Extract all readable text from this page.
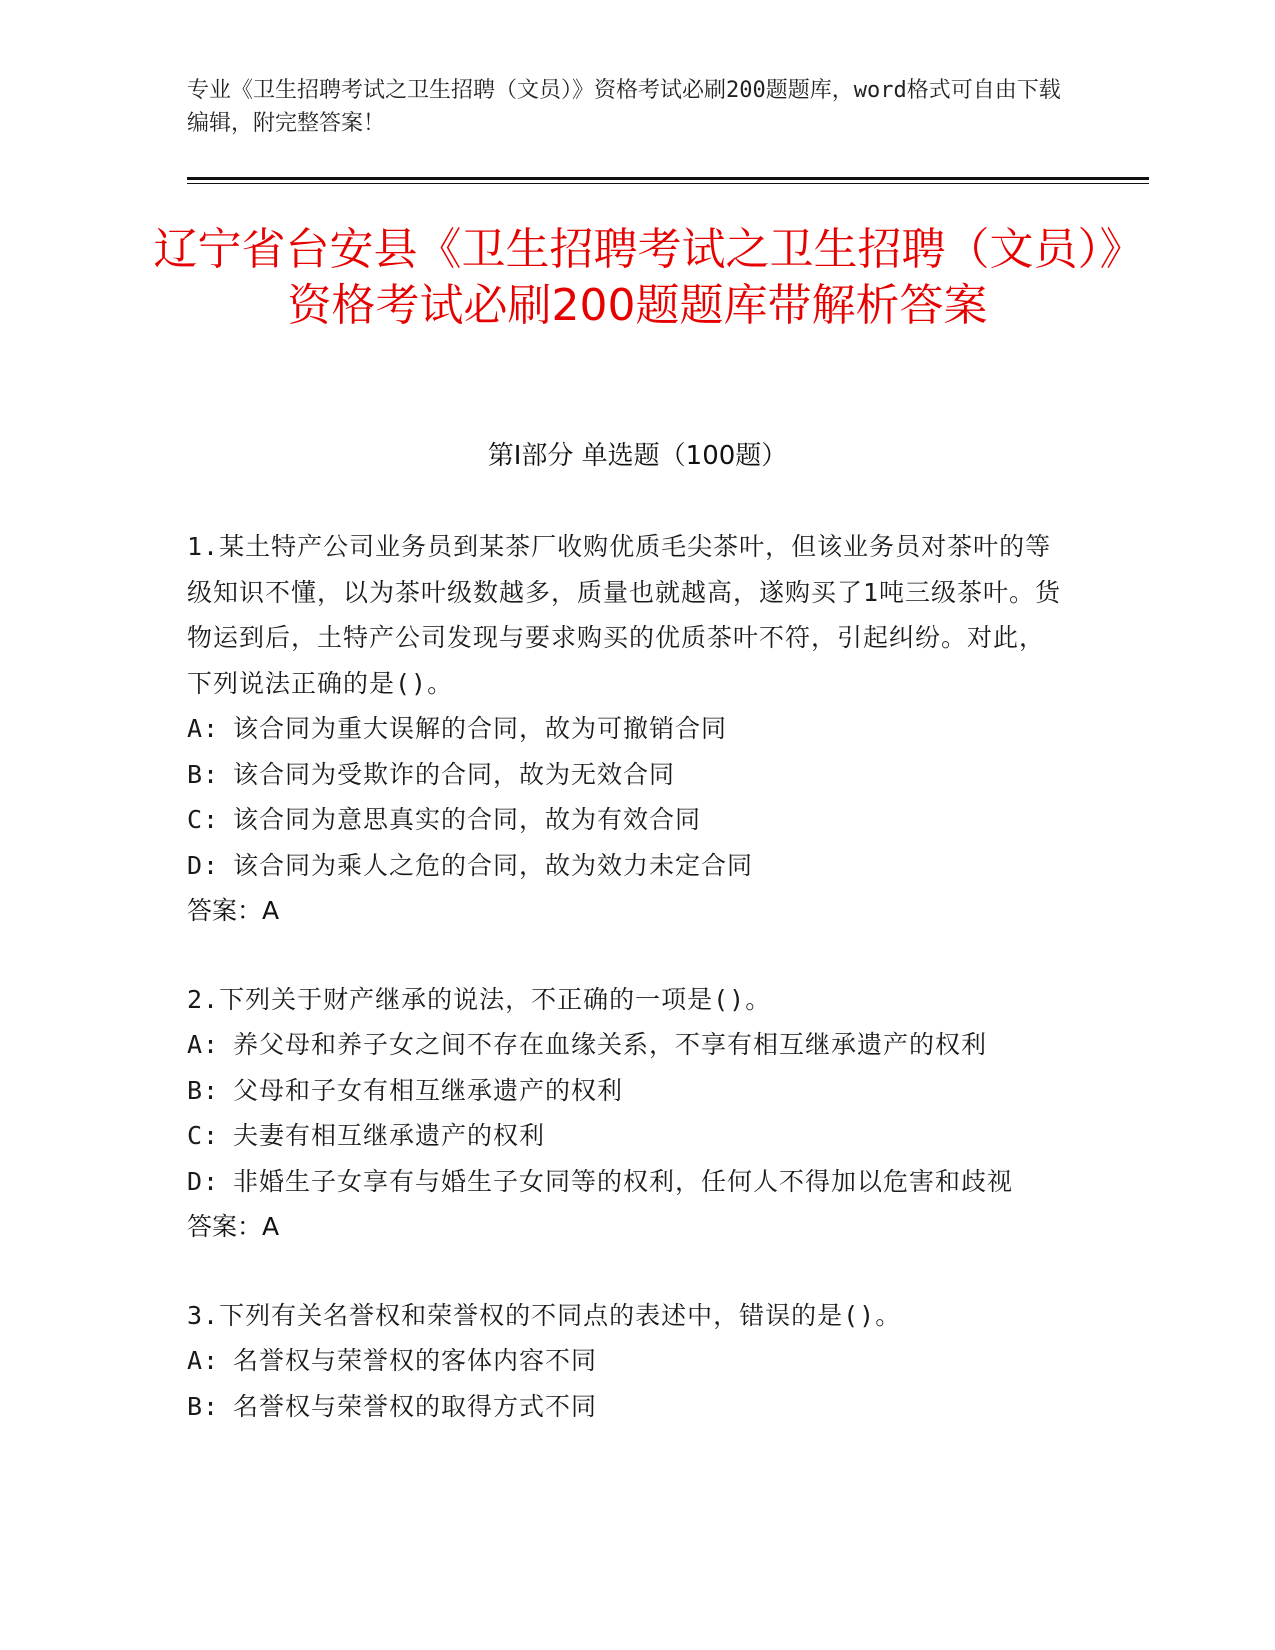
专业《卫生招聘考试之卫生招聘（文员）》资格考试必刷200题题库，word格式可自由下载编辑，附完整答案！
辽宁省台安县《卫生招聘考试之卫生招聘（文员）》资格考试必刷200题题库带解析答案
第I部分 单选题（100题）

1.某土特产公司业务员到某茶厂收购优质毛尖茶叶，但该业务员对茶叶的等级知识不懂，以为茶叶级数越多，质量也就越高，遂购买了1吨三级茶叶。货物运到后，土特产公司发现与要求购买的优质茶叶不符，引起纠纷。对此，下列说法正确的是()。

A: 该合同为重大误解的合同，故为可撤销合同

B: 该合同为受欺诈的合同，故为无效合同

C: 该合同为意思真实的合同，故为有效合同

D: 该合同为乘人之危的合同，故为效力未定合同

答案：A

2.下列关于财产继承的说法，不正确的一项是()。

A: 养父母和养子女之间不存在血缘关系，不享有相互继承遗产的权利

B: 父母和子女有相互继承遗产的权利

C: 夫妻有相互继承遗产的权利

D: 非婚生子女享有与婚生子女同等的权利，任何人不得加以危害和歧视

答案：A

3.下列有关名誉权和荣誉权的不同点的表述中，错误的是()。

A: 名誉权与荣誉权的客体内容不同

B: 名誉权与荣誉权的取得方式不同
